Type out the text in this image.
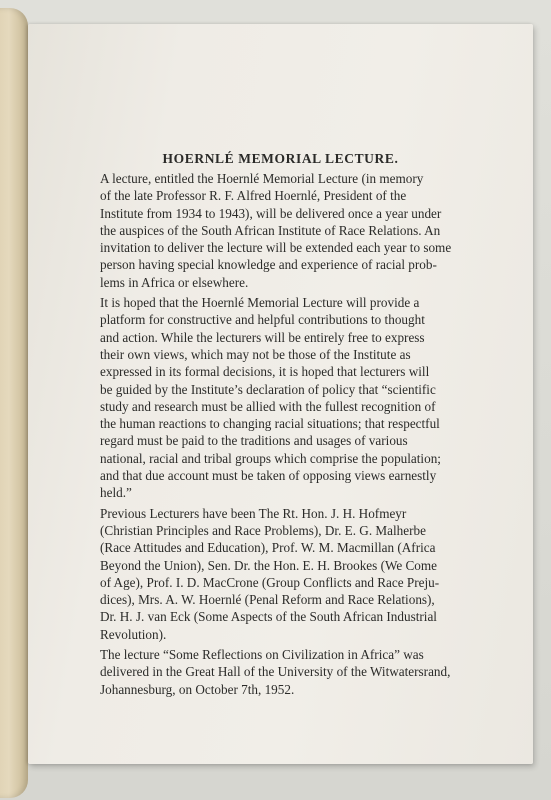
HOERNLÉ MEMORIAL LECTURE.

A lecture, entitled the Hoernlé Memorial Lecture (in memory
of the late Professor R. F. Alfred Hoernlé, President of the
Institute from 1934 to 1943), will be delivered once a year under
the auspices of the South African Institute of Race Relations. An
invitation to deliver the lecture will be extended each year to some
person having special knowledge and experience of racial prob-
lems in Africa or elsewhere.

It is hoped that the Hoernlé Memorial Lecture will provide a
platform for constructive and helpful contributions to thought
and action. While the lecturers will be entirely free to express
their own views, which may not be those of the Institute as
expressed in its formal decisions, it is hoped that lecturers will
be guided by the Institute’s declaration of policy that “scientific
study and research must be allied with the fullest recognition of
the human reactions to changing racial situations; that respectful
regard must be paid to the traditions and usages of various
national, racial and tribal groups which comprise the population;
and that due account must be taken of opposing views earnestly
held.”

Previous Lecturers have been The Rt. Hon. J. H. Hofmeyr
(Christian Principles and Race Problems), Dr. E. G. Malherbe
(Race Attitudes and Education), Prof. W. M. Macmillan (Africa
Beyond the Union), Sen. Dr. the Hon. E. H. Brookes (We Come
of Age), Prof. I. D. MacCrone (Group Conflicts and Race Preju-
dices), Mrs. A. W. Hoernlé (Penal Reform and Race Relations),
Dr. H. J. van Eck (Some Aspects of the South African Industrial
Revolution).

The lecture “Some Reflections on Civilization in Africa” was
delivered in the Great Hall of the University of the Witwatersrand,
Johannesburg, on October 7th, 1952.
